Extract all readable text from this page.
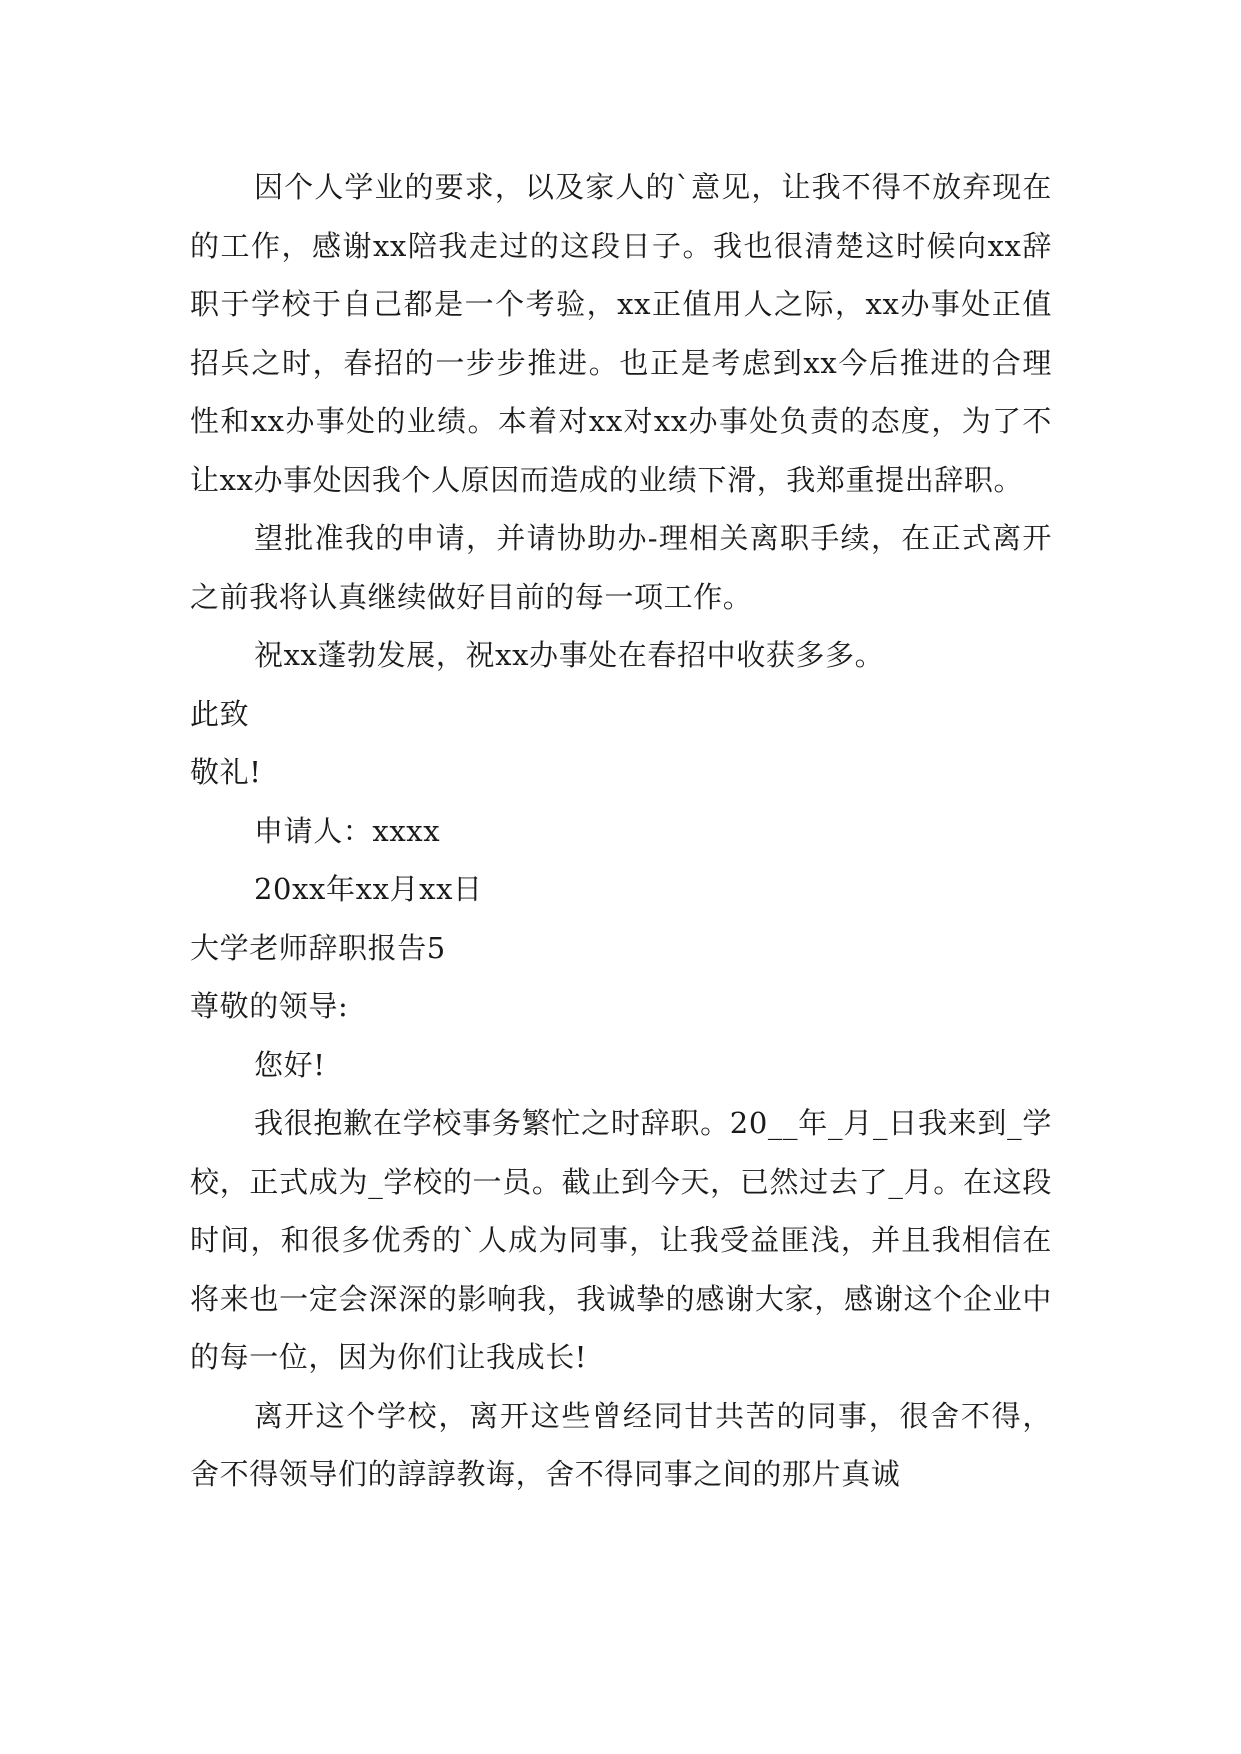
因个人学业的要求，以及家人的`意见，让我不得不放弃现在的工作，感谢xx陪我走过的这段日子。我也很清楚这时候向xx辞职于学校于自己都是一个考验，xx正值用人之际，xx办事处正值招兵之时，春招的一步步推进。也正是考虑到xx今后推进的合理性和xx办事处的业绩。本着对xx对xx办事处负责的态度，为了不让xx办事处因我个人原因而造成的业绩下滑，我郑重提出辞职。

望批准我的申请，并请协助办-理相关离职手续，在正式离开之前我将认真继续做好目前的每一项工作。

祝xx蓬勃发展，祝xx办事处在春招中收获多多。

此致

敬礼!

申请人：xxxx

20xx年xx月xx日

大学老师辞职报告5

尊敬的领导:

您好!

我很抱歉在学校事务繁忙之时辞职。20__年_月_日我来到_学校，正式成为_学校的一员。截止到今天，已然过去了_月。在这段时间，和很多优秀的`人成为同事，让我受益匪浅，并且我相信在将来也一定会深深的影响我，我诚挚的感谢大家，感谢这个企业中的每一位，因为你们让我成长!

离开这个学校，离开这些曾经同甘共苦的同事，很舍不得，舍不得领导们的諄諄教诲，舍不得同事之间的那片真诚
